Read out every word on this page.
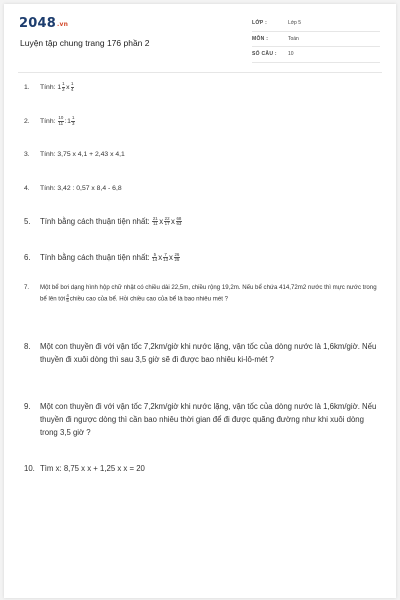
2048.vn
Luyện tập chung trang 176 phần 2
LỚP :	Lớp 5
MÔN :	Toán
SỐ CÂU : 10
1.	Tính: $1 \frac{1}{2}$ x $\frac{1}{4}$
2.	Tính: $\frac{10}{11}$ :1 $\frac{1}{3}$
3.	Tính: 3,75 x 4,1 + 2,43 x 4,1
4.	Tính: 3,42 : 0,57 x 8,4 - 6,8
5.	Tính bằng cách thuận tiện nhất: $\frac{21}{11}$ x $\frac{22}{17}$ x $\frac{68}{63}$
6.	Tính bằng cách thuận tiện nhất: $\frac{5}{14}$ x $\frac{7}{13}$ x $\frac{26}{25}$
7.	Một bể bơi dạng hình hộp chữ nhật có chiều dài 22,5m, chiều rộng 19,2m. Nếu bể chứa 414,72m2 nước thì mực nước trong bể lên tới $\frac{4}{5}$ chiều cao của bể. Hỏi chiều cao của bể là bao nhiêu mét ?
8.	Một con thuyền đi với vận tốc 7,2km/giờ khi nước lặng, vận tốc của dòng nước là 1,6km/giờ. Nếu thuyền đi xuôi dòng thì sau 3,5 giờ sẽ đi được bao nhiêu ki-lô-mét ?
9.	Một con thuyền đi với vận tốc 7,2km/giờ khi nước lặng, vận tốc của dòng nước là 1,6km/giờ. Nếu thuyền đi ngược dòng thì cần bao nhiêu thời gian để đi được quãng đường như khi xuôi dòng trong 3,5 giờ ?
10. Tìm x: 8,75 x x + 1,25 x x = 20
